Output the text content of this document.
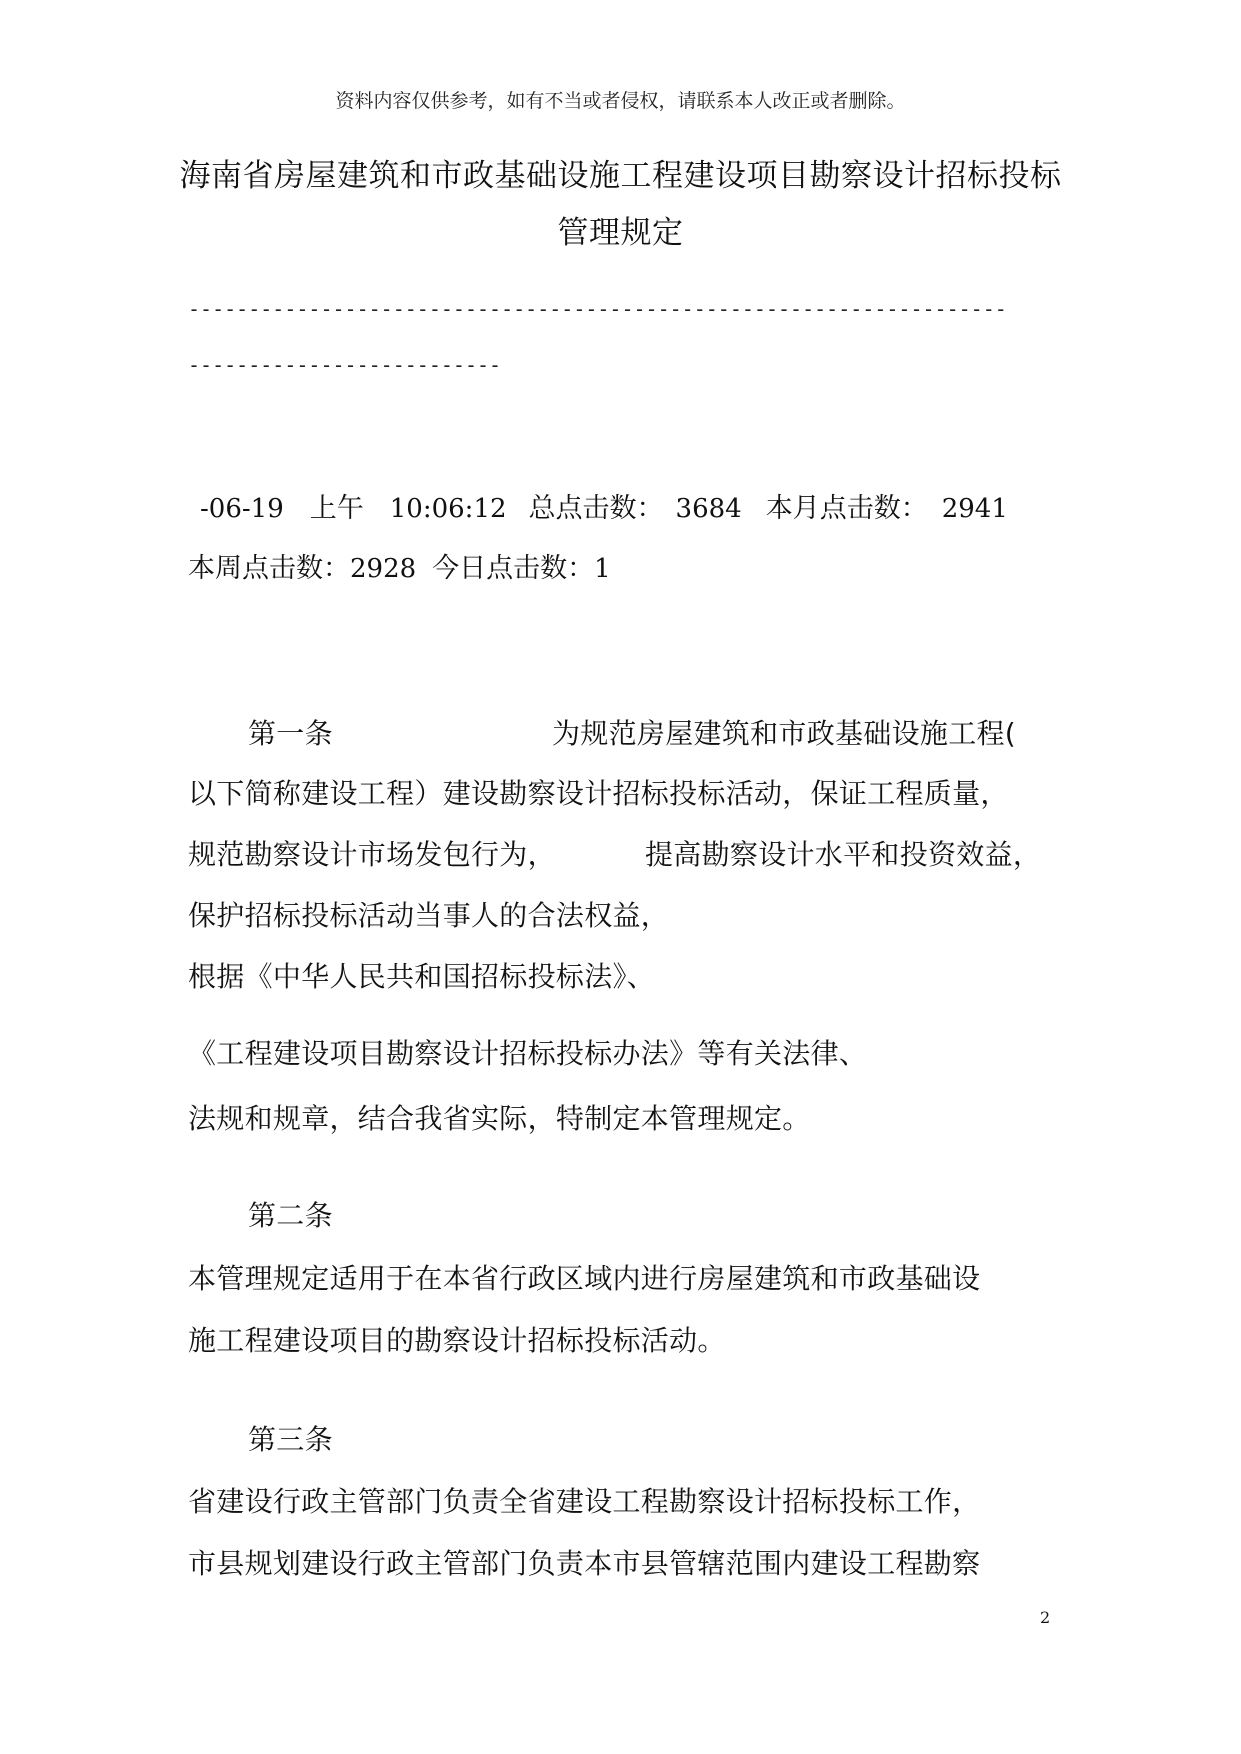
资料内容仅供参考，如有不当或者侵权，请联系本人改正或者删除。
海南省房屋建筑和市政基础设施工程建设项目勘察设计招标投标
管理规定
--------------------------------------------------------------------
--------------------------
-06-19 上午 10:06:12 总点击数： 3684 本月点击数： 2941
本周点击数：2928 今日点击数：1
第一条	为规范房屋建筑和市政基础设施工程(
以下简称建设工程）建设勘察设计招标投标活动，保证工程质量，
规范勘察设计市场发包行为，	提高勘察设计水平和投资效益，
保护招标投标活动当事人的合法权益，
根据《中华人民共和国招标投标法》、
《工程建设项目勘察设计招标投标办法》等有关法律、
法规和规章，结合我省实际，特制定本管理规定。
第二条
本管理规定适用于在本省行政区域内进行房屋建筑和市政基础设
施工程建设项目的勘察设计招标投标活动。
第三条
省建设行政主管部门负责全省建设工程勘察设计招标投标工作，
市县规划建设行政主管部门负责本市县管辖范围内建设工程勘察
2
